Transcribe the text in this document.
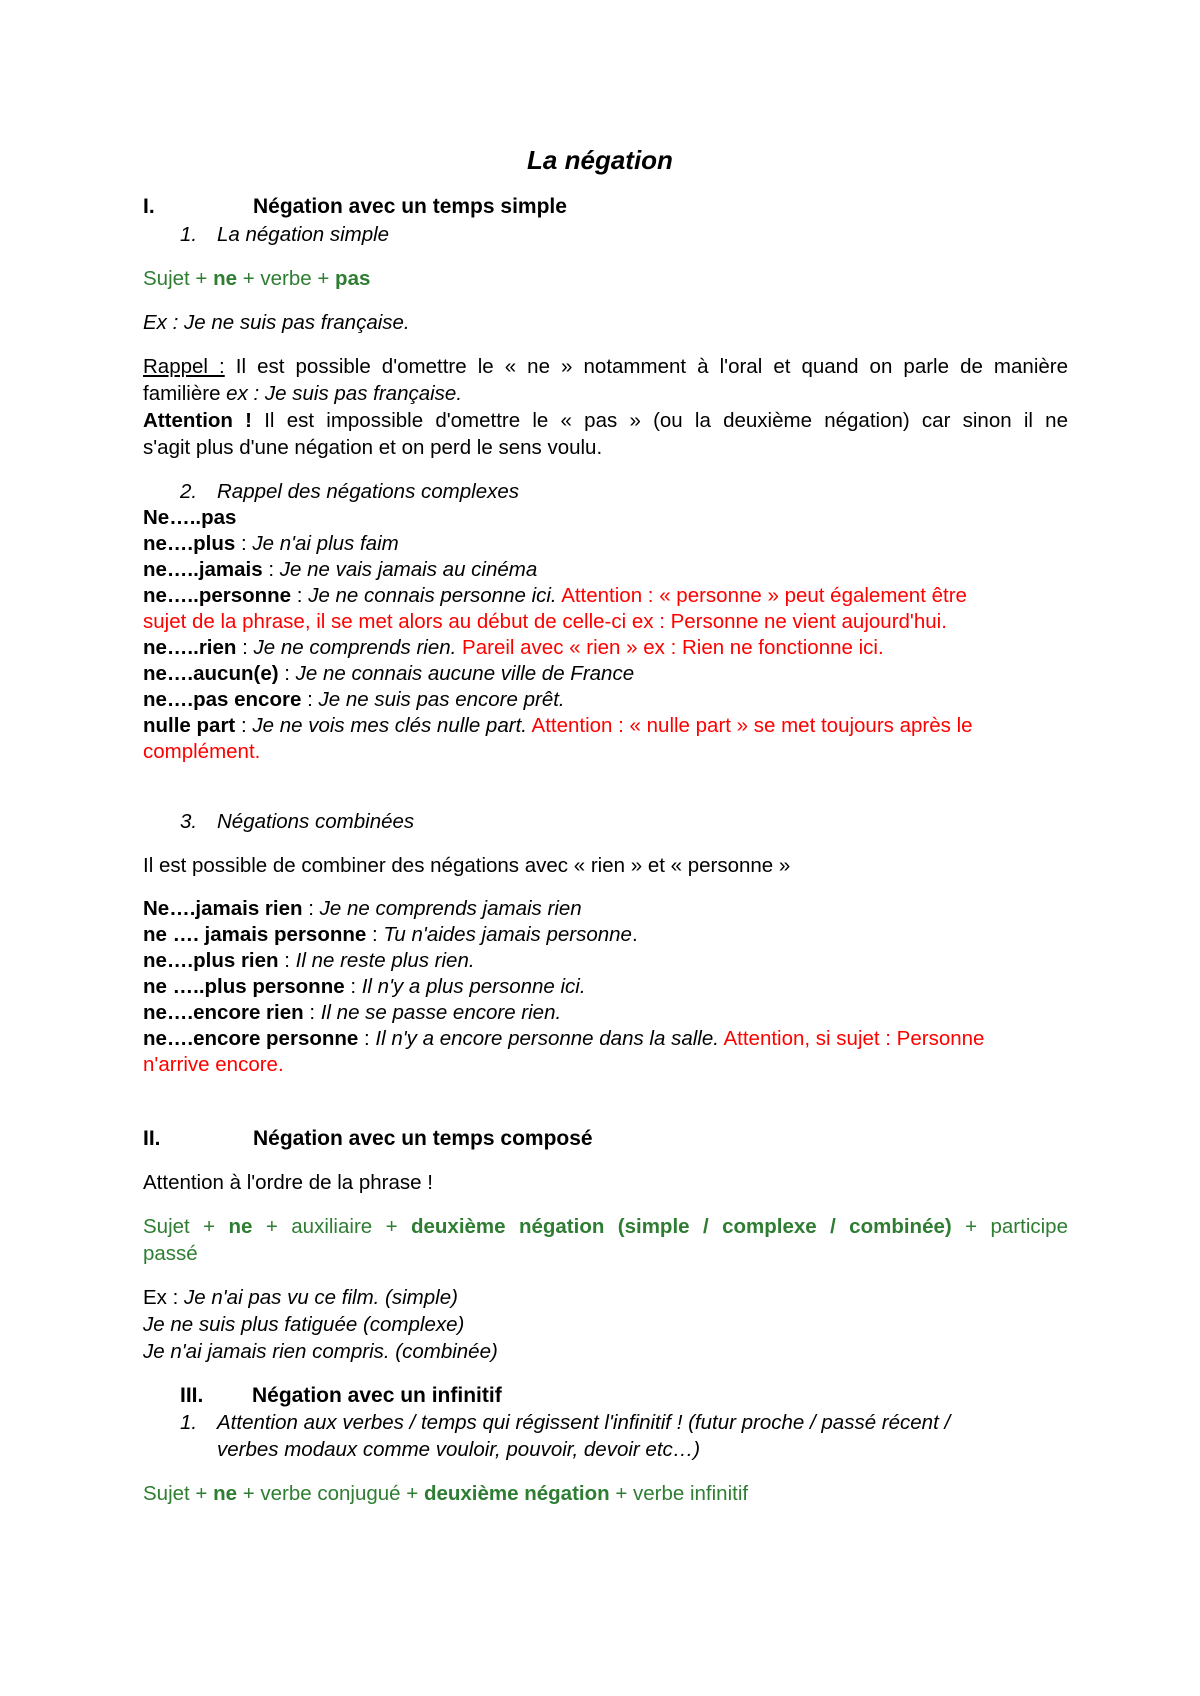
La négation
I.	Négation avec un temps simple
1. La négation simple
Sujet + ne + verbe + pas
Ex : Je ne suis pas française.
Rappel : Il est possible d'omettre le « ne » notamment à l'oral et quand on parle de manière
familière ex : Je suis pas française.
Attention ! Il est impossible d'omettre le « pas » (ou la deuxième négation) car sinon il ne
s'agit plus d'une négation et on perd le sens voulu.
2. Rappel des négations complexes
Ne…..pas
ne….plus : Je n'ai plus faim
ne…..jamais : Je ne vais jamais au cinéma
ne…..personne : Je ne connais personne ici. Attention : « personne » peut également être
sujet de la phrase, il se met alors au début de celle-ci ex : Personne ne vient aujourd'hui.
ne…..rien : Je ne comprends rien. Pareil avec « rien » ex : Rien ne fonctionne ici.
ne….aucun(e) : Je ne connais aucune ville de France
ne….pas encore : Je ne suis pas encore prêt.
nulle part : Je ne vois mes clés nulle part. Attention : « nulle part » se met toujours après le
complément.
3. Négations combinées
Il est possible de combiner des négations avec « rien » et « personne »
Ne….jamais rien : Je ne comprends jamais rien
ne …. jamais personne : Tu n'aides jamais personne.
ne….plus rien : Il ne reste plus rien.
ne …..plus personne : Il n'y a plus personne ici.
ne….encore rien : Il ne se passe encore rien.
ne….encore personne : Il n'y a encore personne dans la salle. Attention, si sujet : Personne
n'arrive encore.
II.	Négation avec un temps composé
Attention à l'ordre de la phrase !
Sujet + ne + auxiliaire + deuxième négation (simple / complexe / combinée) + participe
passé
Ex : Je n'ai pas vu ce film. (simple)
Je ne suis plus fatiguée (complexe)
Je n'ai jamais rien compris. (combinée)
III. Négation avec un infinitif
1. Attention aux verbes / temps qui régissent l'infinitif ! (futur proche / passé récent /
verbes modaux comme vouloir, pouvoir, devoir etc…)
Sujet + ne + verbe conjugué + deuxième négation + verbe infinitif
